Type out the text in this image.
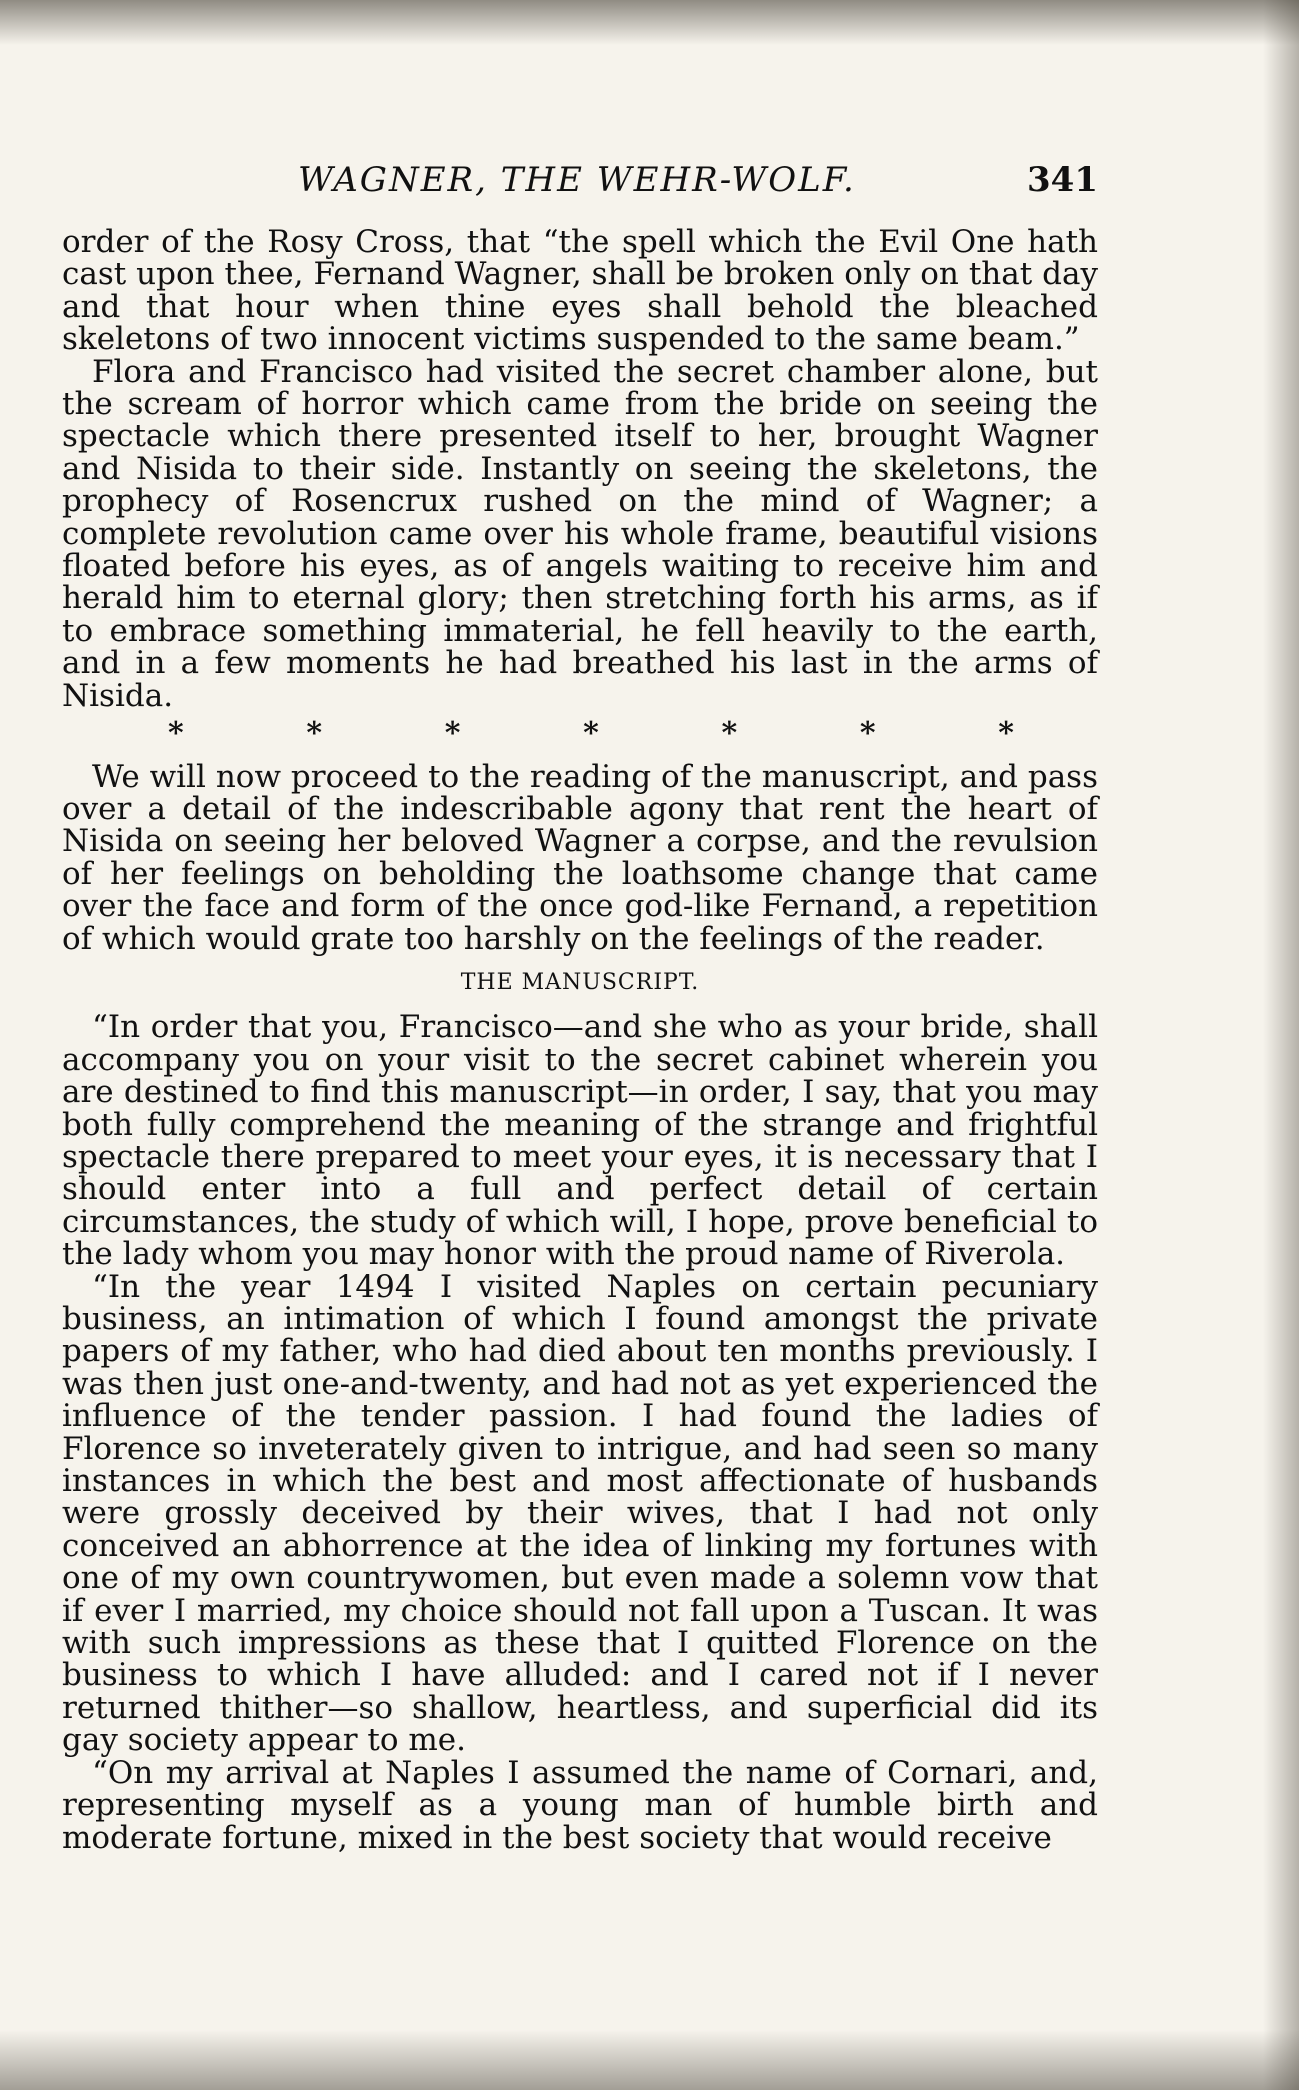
WAGNER, THE WEHR-WOLF.	341

order of the Rosy Cross, that “the spell which the Evil One hath cast upon thee, Fernand Wagner, shall be broken only on that day and that hour when thine eyes shall behold the bleached skeletons of two innocent victims suspended to the same beam.”

Flora and Francisco had visited the secret chamber alone, but the scream of horror which came from the bride on seeing the spectacle which there presented itself to her, brought Wagner and Nisida to their side. Instantly on seeing the skeletons, the prophecy of Rosencrux rushed on the mind of Wagner; a complete revolution came over his whole frame, beautiful visions floated before his eyes, as of angels waiting to receive him and herald him to eternal glory; then stretching forth his arms, as if to embrace something immaterial, he fell heavily to the earth, and in a few moments he had breathed his last in the arms of Nisida.

*	*	*	*	*	*	*

We will now proceed to the reading of the manuscript, and pass over a detail of the indescribable agony that rent the heart of Nisida on seeing her beloved Wagner a corpse, and the revulsion of her feelings on beholding the loathsome change that came over the face and form of the once god-like Fernand, a repetition of which would grate too harshly on the feelings of the reader.

THE MANUSCRIPT.

“In order that you, Francisco—and she who as your bride, shall accompany you on your visit to the secret cabinet wherein you are destined to find this manuscript—in order, I say, that you may both fully comprehend the meaning of the strange and frightful spectacle there prepared to meet your eyes, it is necessary that I should enter into a full and perfect detail of certain circumstances, the study of which will, I hope, prove beneficial to the lady whom you may honor with the proud name of Riverola.

“In the year 1494 I visited Naples on certain pecuniary business, an intimation of which I found amongst the private papers of my father, who had died about ten months previously. I was then just one-and-twenty, and had not as yet experienced the influence of the tender passion. I had found the ladies of Florence so inveterately given to intrigue, and had seen so many instances in which the best and most affectionate of husbands were grossly deceived by their wives, that I had not only conceived an abhorrence at the idea of linking my fortunes with one of my own countrywomen, but even made a solemn vow that if ever I married, my choice should not fall upon a Tuscan. It was with such impressions as these that I quitted Florence on the business to which I have alluded: and I cared not if I never returned thither—so shallow, heartless, and superficial did its gay society appear to me.

“On my arrival at Naples I assumed the name of Cornari, and, representing myself as a young man of humble birth and moderate fortune, mixed in the best society that would receive
